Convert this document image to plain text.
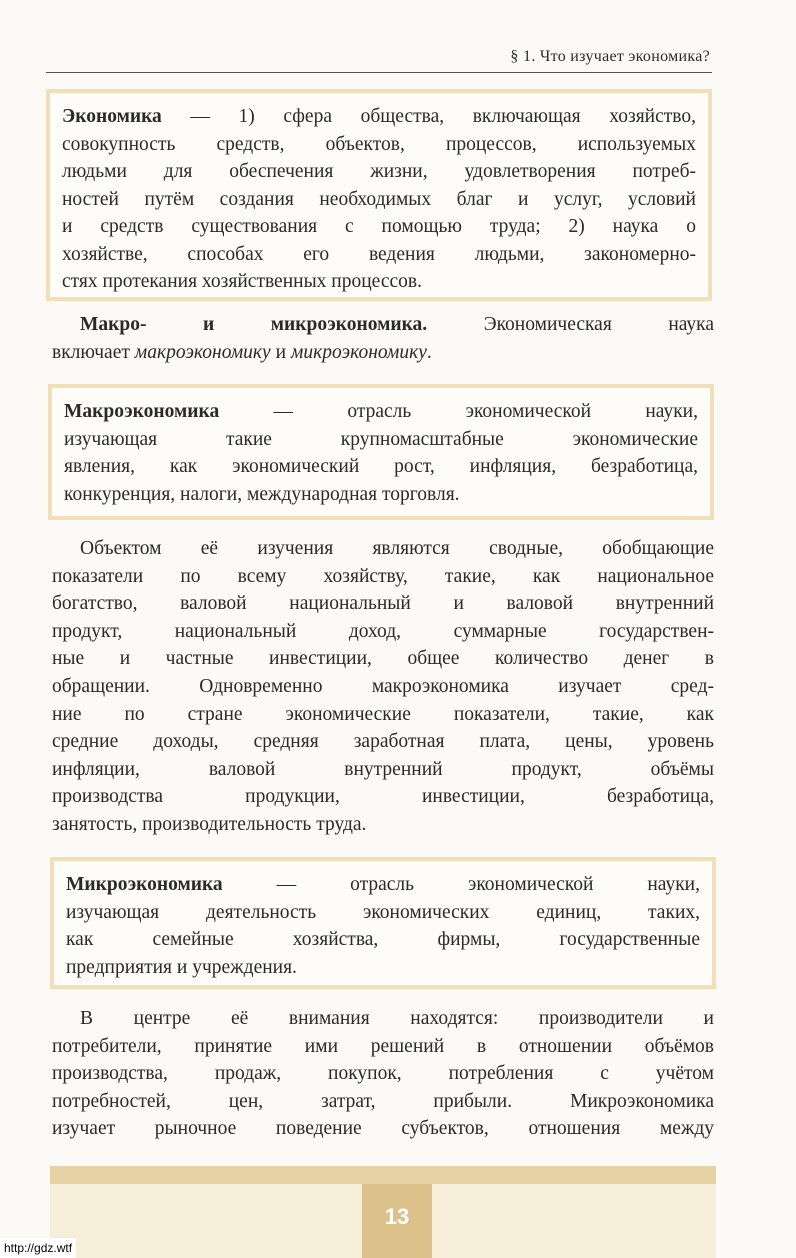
§ 1. Что изучает экономика?
Экономика — 1) сфера общества, включающая хозяйство,
совокупность средств, объектов, процессов, используемых
людьми для обеспечения жизни, удовлетворения потреб-
ностей путём создания необходимых благ и услуг, условий
и средств существования с помощью труда; 2) наука о
хозяйстве, способах его ведения людьми, закономерно-
стях протекания хозяйственных процессов.
Макро- и микроэкономика. Экономическая наука
включает макроэкономику и микроэкономику.
Макроэкономика — отрасль экономической науки,
изучающая такие крупномасштабные экономические
явления, как экономический рост, инфляция, безработица,
конкуренция, налоги, международная торговля.
Объектом её изучения являются сводные, обобщающие
показатели по всему хозяйству, такие, как национальное
богатство, валовой национальный и валовой внутренний
продукт, национальный доход, суммарные государствен-
ные и частные инвестиции, общее количество денег в
обращении. Одновременно макроэкономика изучает сред-
ние по стране экономические показатели, такие, как
средние доходы, средняя заработная плата, цены, уровень
инфляции, валовой внутренний продукт, объёмы
производства продукции, инвестиции, безработица,
занятость, производительность труда.
Микроэкономика — отрасль экономической науки,
изучающая деятельность экономических единиц, таких,
как семейные хозяйства, фирмы, государственные
предприятия и учреждения.
В центре её внимания находятся: производители и
потребители, принятие ими решений в отношении объёмов
производства, продаж, покупок, потребления с учётом
потребностей, цен, затрат, прибыли. Микроэкономика
изучает рыночное поведение субъектов, отношения между
13
http://gdz.wtf
